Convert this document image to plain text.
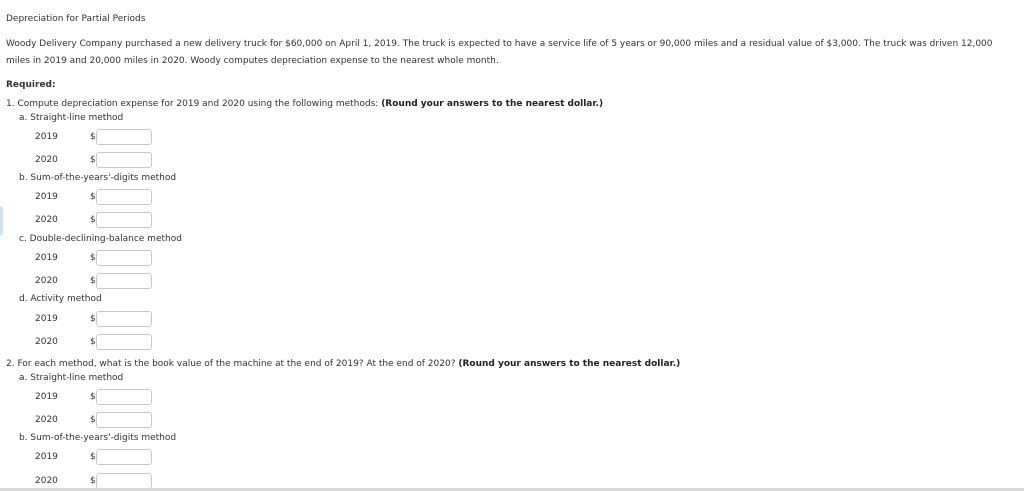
Depreciation for Partial Periods
Woody Delivery Company purchased a new delivery truck for $60,000 on April 1, 2019. The truck is expected to have a service life of 5 years or 90,000 miles and a residual value of $3,000. The truck was driven 12,000 miles in 2019 and 20,000 miles in 2020. Woody computes depreciation expense to the nearest whole month.
Required:
1. Compute depreciation expense for 2019 and 2020 using the following methods: (Round your answers to the nearest dollar.)
a. Straight-line method
2019	$
2020	$
b. Sum-of-the-years'-digits method
2019	$
2020	$
c. Double-declining-balance method
2019	$
2020	$
d. Activity method
2019	$
2020	$
2. For each method, what is the book value of the machine at the end of 2019? At the end of 2020? (Round your answers to the nearest dollar.)
a. Straight-line method
2019	$
2020	$
b. Sum-of-the-years'-digits method
2019	$
2020	$
